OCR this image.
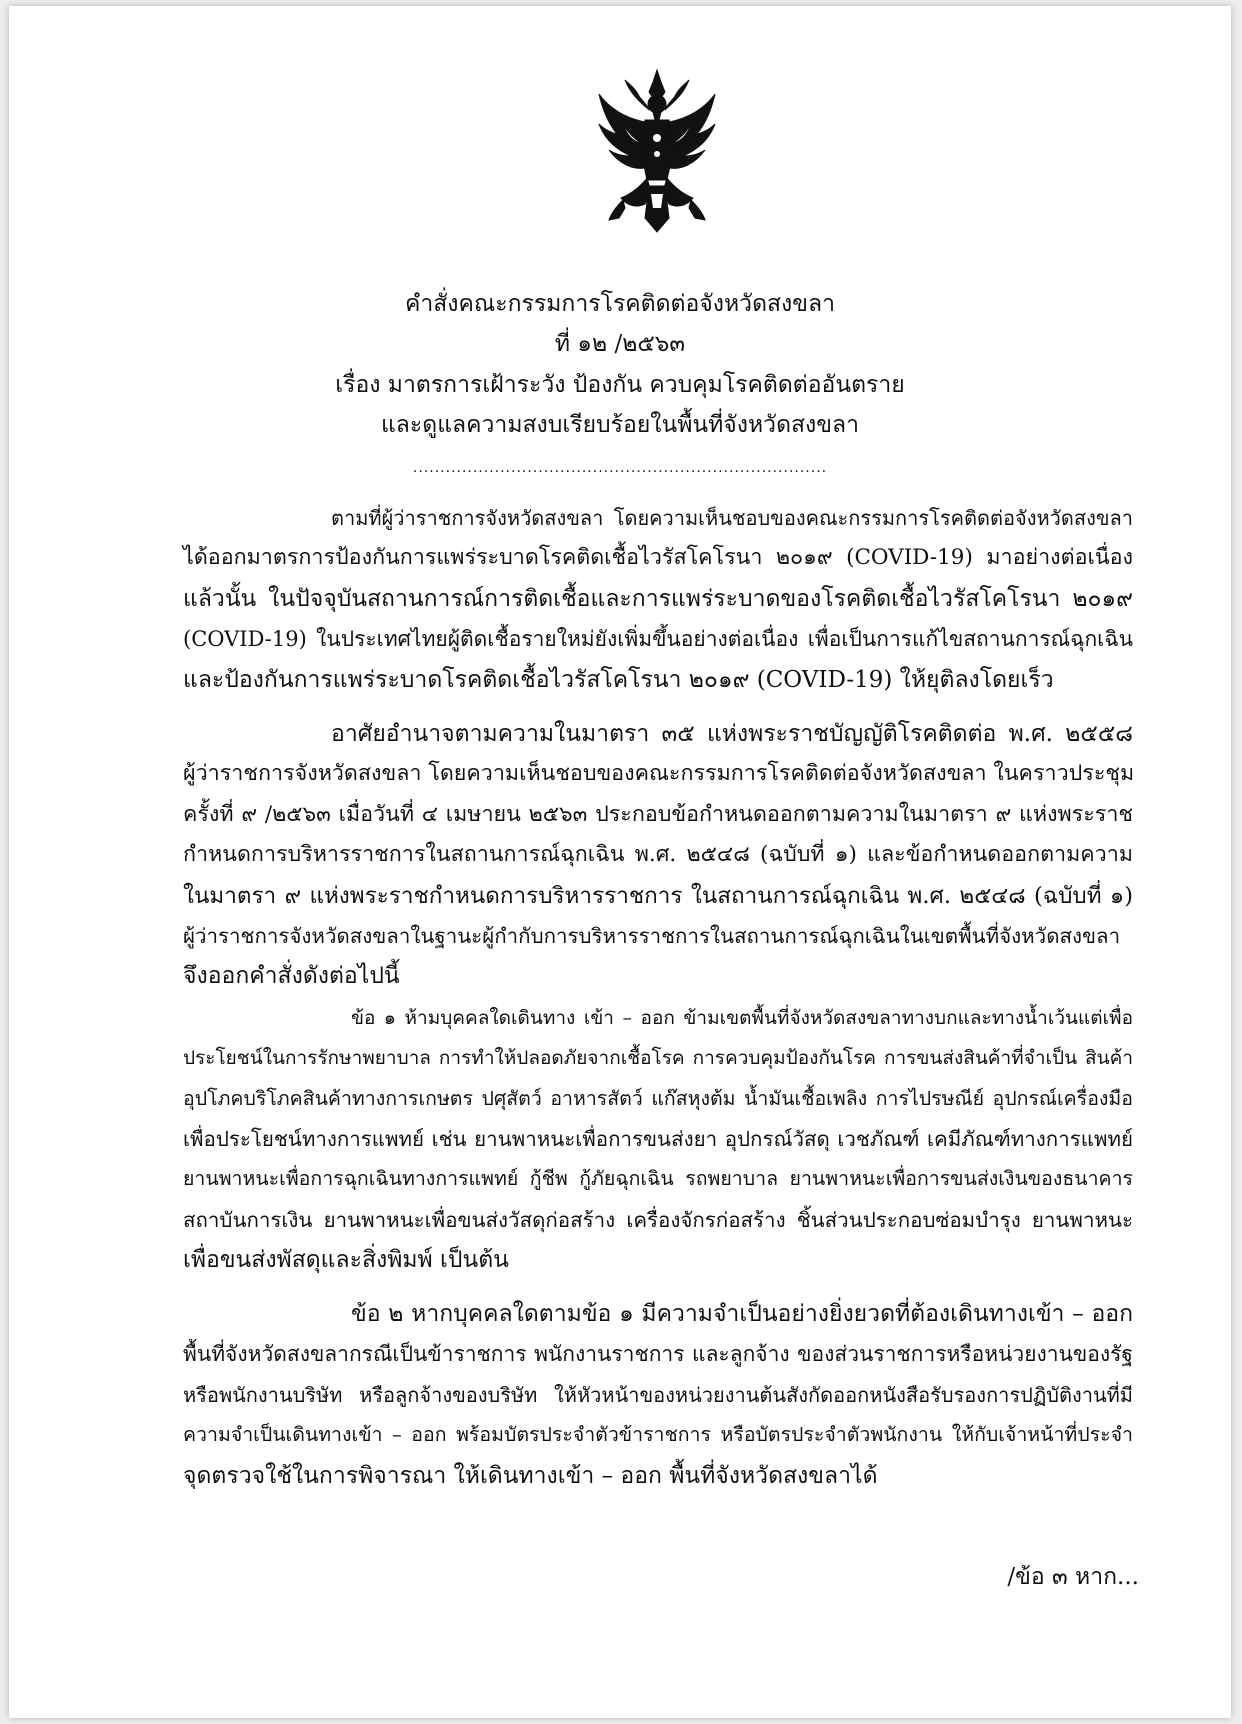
คำสั่งคณะกรรมการโรคติดต่อจังหวัดสงขลา
ที่ ๑๒ /๒๕๖๓
เรื่อง มาตรการเฝ้าระวัง ป้องกัน ควบคุมโรคติดต่ออันตราย
และดูแลความสงบเรียบร้อยในพื้นที่จังหวัดสงขลา
............................................................................
ตามที่ผู้ว่าราชการจังหวัดสงขลา โดยความเห็นชอบของคณะกรรมการโรคติดต่อจังหวัดสงขลา
ได้ออกมาตรการป้องกันการแพร่ระบาดโรคติดเชื้อไวรัสโคโรนา ๒๐๑๙ (COVID-19) มาอย่างต่อเนื่อง
แล้วนั้น ในปัจจุบันสถานการณ์การติดเชื้อและการแพร่ระบาดของโรคติดเชื้อไวรัสโคโรนา ๒๐๑๙
(COVID-19) ในประเทศไทยผู้ติดเชื้อรายใหม่ยังเพิ่มขึ้นอย่างต่อเนื่อง เพื่อเป็นการแก้ไขสถานการณ์ฉุกเฉิน
และป้องกันการแพร่ระบาดโรคติดเชื้อไวรัสโคโรนา ๒๐๑๙ (COVID-19) ให้ยุติลงโดยเร็ว
อาศัยอำนาจตามความในมาตรา ๓๕ แห่งพระราชบัญญัติโรคติดต่อ พ.ศ. ๒๕๕๘
ผู้ว่าราชการจังหวัดสงขลา โดยความเห็นชอบของคณะกรรมการโรคติดต่อจังหวัดสงขลา ในคราวประชุม
ครั้งที่ ๙ /๒๕๖๓ เมื่อวันที่ ๔ เมษายน ๒๕๖๓ ประกอบข้อกำหนดออกตามความในมาตรา ๙ แห่งพระราช
กำหนดการบริหารราชการในสถานการณ์ฉุกเฉิน พ.ศ. ๒๕๔๘ (ฉบับที่ ๑) และข้อกำหนดออกตามความ
ในมาตรา ๙ แห่งพระราชกำหนดการบริหารราชการ ในสถานการณ์ฉุกเฉิน พ.ศ. ๒๕๔๘ (ฉบับที่ ๑)
ผู้ว่าราชการจังหวัดสงขลาในฐานะผู้กำกับการบริหารราชการในสถานการณ์ฉุกเฉินในเขตพื้นที่จังหวัดสงขลา
จึงออกคำสั่งดังต่อไปนี้
ข้อ ๑ ห้ามบุคคลใดเดินทาง เข้า – ออก ข้ามเขตพื้นที่จังหวัดสงขลาทางบกและทางน้ำเว้นแต่เพื่อ
ประโยชน์ในการรักษาพยาบาล การทำให้ปลอดภัยจากเชื้อโรค การควบคุมป้องกันโรค การขนส่งสินค้าที่จำเป็น สินค้า
อุปโภคบริโภคสินค้าทางการเกษตร ปศุสัตว์ อาหารสัตว์ แก๊สหุงต้ม น้ำมันเชื้อเพลิง การไปรษณีย์ อุปกรณ์เครื่องมือ
เพื่อประโยชน์ทางการแพทย์ เช่น ยานพาหนะเพื่อการขนส่งยา อุปกรณ์วัสดุ เวชภัณฑ์ เคมีภัณฑ์ทางการแพทย์
ยานพาหนะเพื่อการฉุกเฉินทางการแพทย์ กู้ชีพ กู้ภัยฉุกเฉิน รถพยาบาล ยานพาหนะเพื่อการขนส่งเงินของธนาคาร
สถาบันการเงิน ยานพาหนะเพื่อขนส่งวัสดุก่อสร้าง เครื่องจักรก่อสร้าง ชิ้นส่วนประกอบซ่อมบำรุง ยานพาหนะ
เพื่อขนส่งพัสดุและสิ่งพิมพ์ เป็นต้น
ข้อ ๒ หากบุคคลใดตามข้อ ๑ มีความจำเป็นอย่างยิ่งยวดที่ต้องเดินทางเข้า – ออก
พื้นที่จังหวัดสงขลากรณีเป็นข้าราชการ พนักงานราชการ และลูกจ้าง ของส่วนราชการหรือหน่วยงานของรัฐ
หรือพนักงานบริษัท หรือลูกจ้างของบริษัท ให้หัวหน้าของหน่วยงานต้นสังกัดออกหนังสือรับรองการปฏิบัติงานที่มี
ความจำเป็นเดินทางเข้า – ออก พร้อมบัตรประจำตัวข้าราชการ หรือบัตรประจำตัวพนักงาน ให้กับเจ้าหน้าที่ประจำ
จุดตรวจใช้ในการพิจารณา ให้เดินทางเข้า – ออก พื้นที่จังหวัดสงขลาได้
/ข้อ ๓ หาก...
